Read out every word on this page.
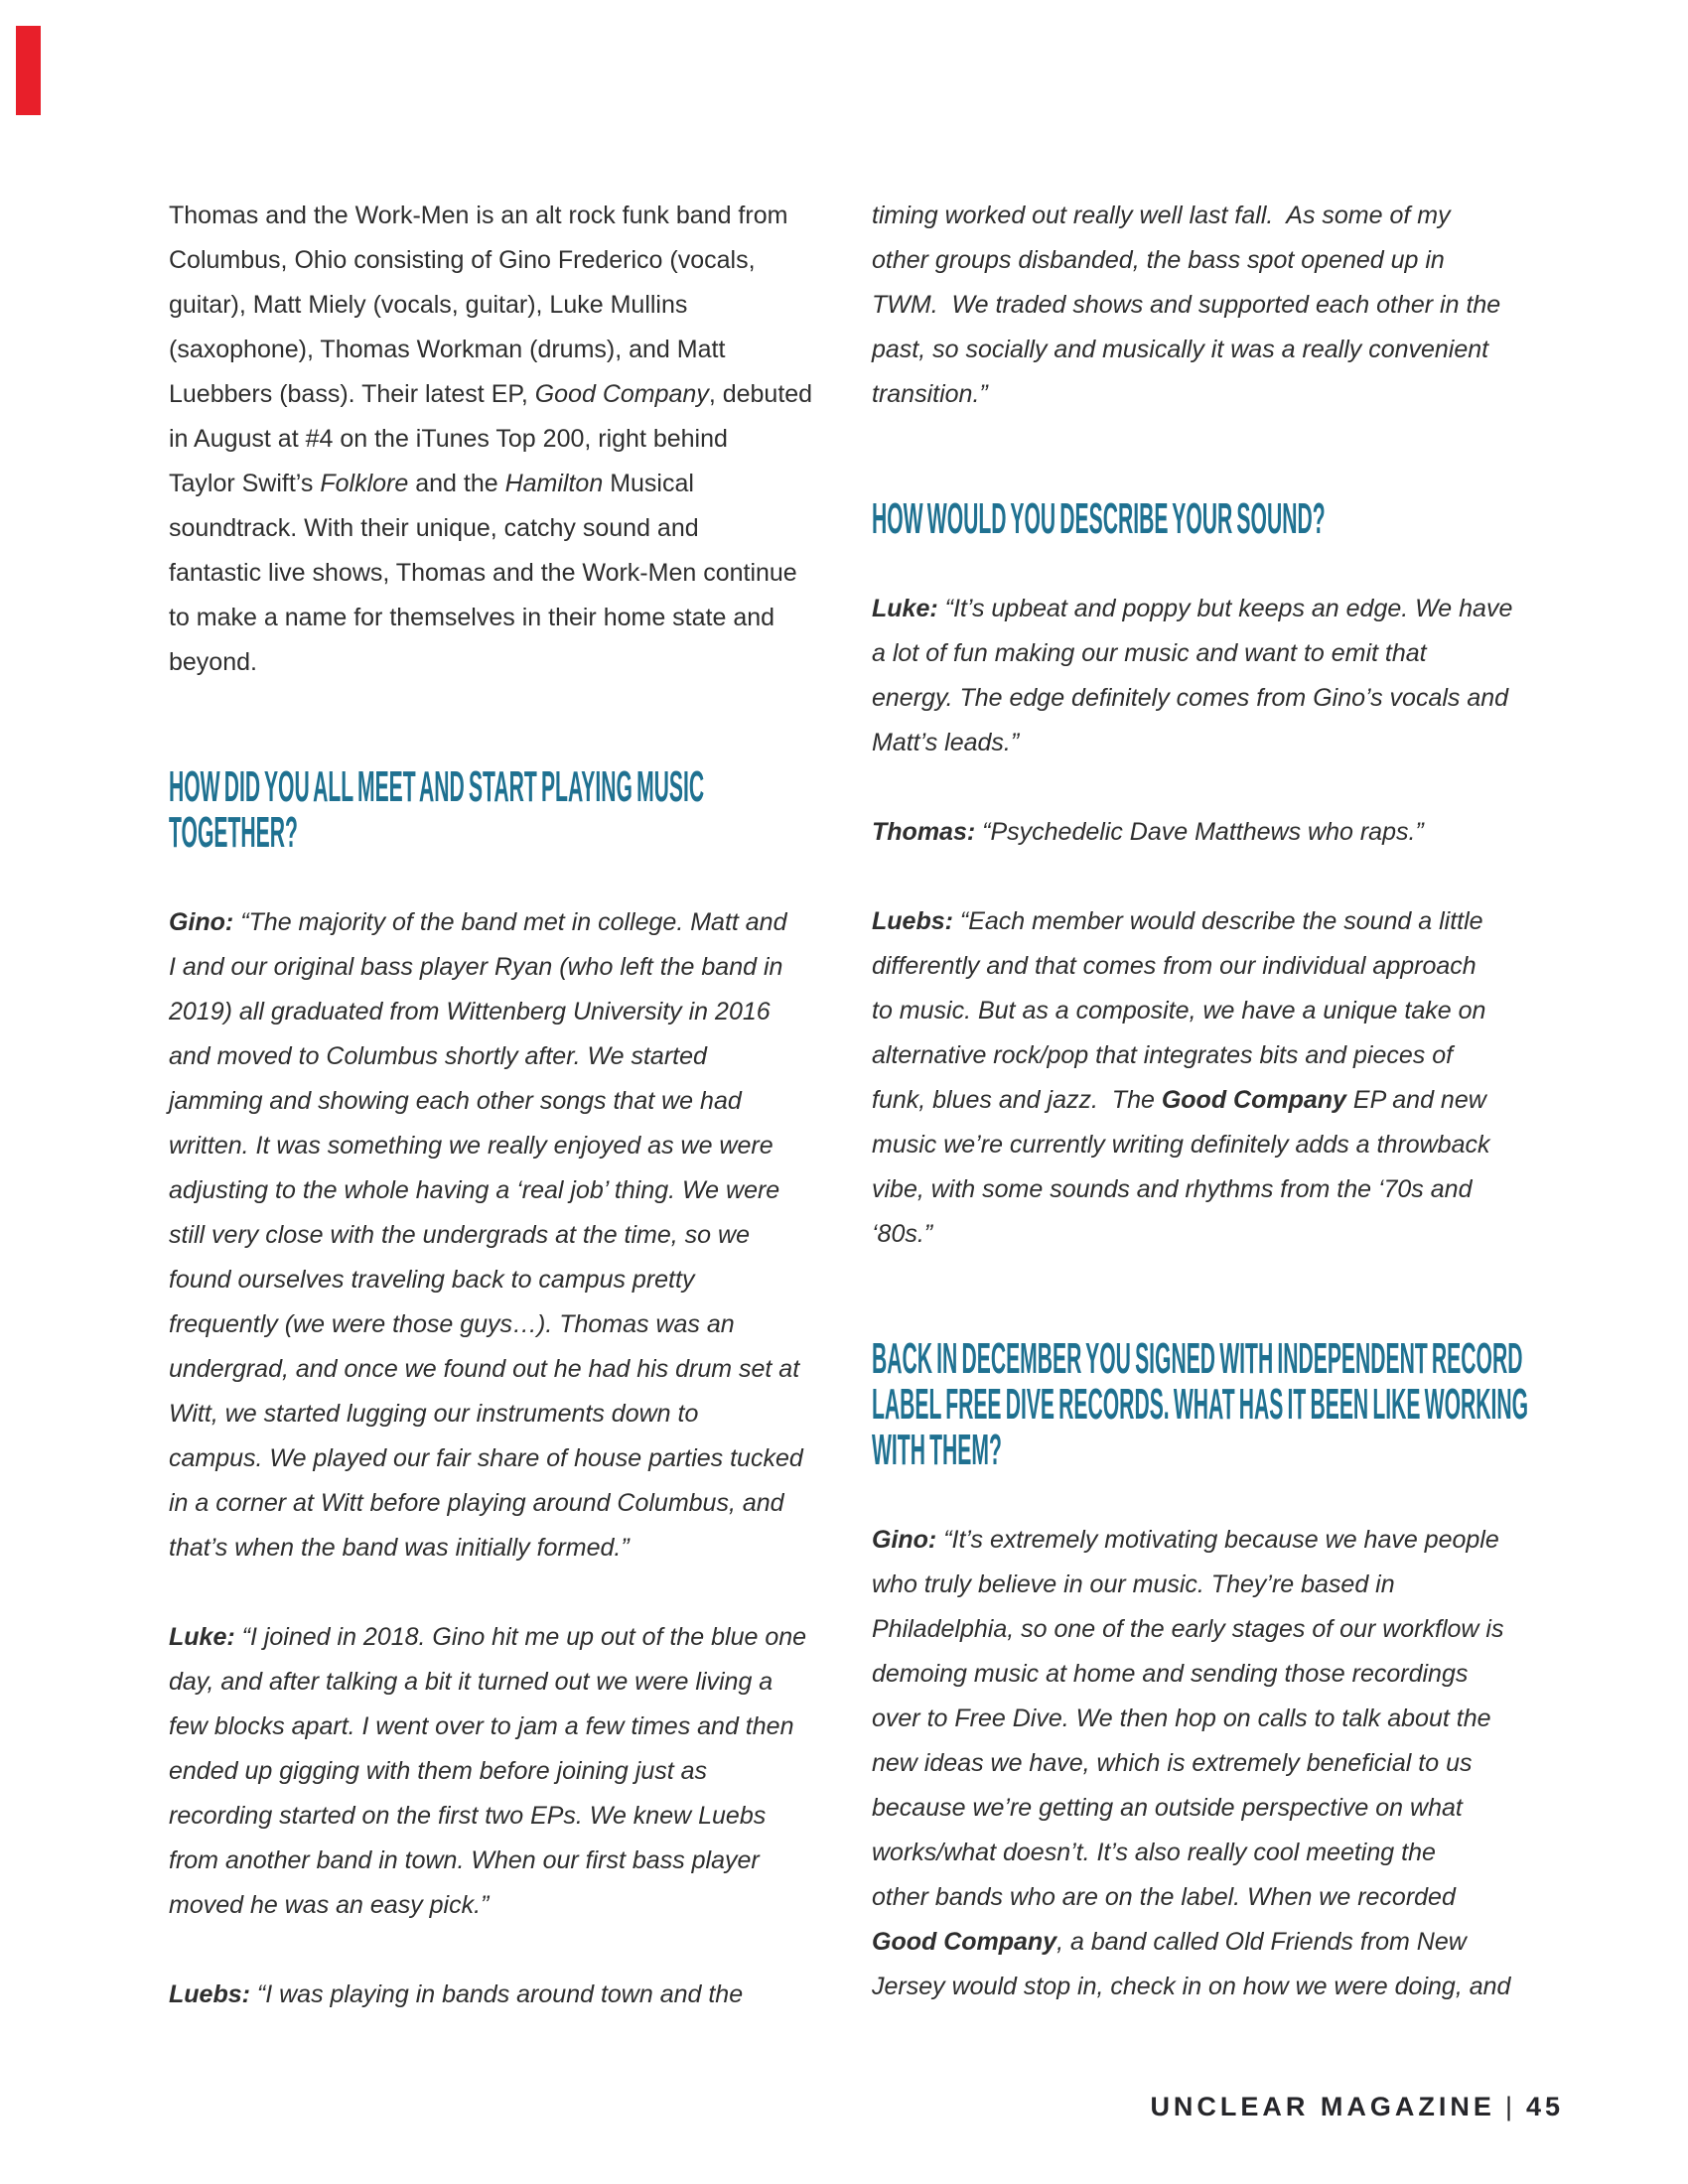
Thomas and the Work-Men is an alt rock funk band from
Columbus, Ohio consisting of Gino Frederico (vocals,
guitar), Matt Miely (vocals, guitar), Luke Mullins
(saxophone), Thomas Workman (drums), and Matt
Luebbers (bass). Their latest EP, Good Company, debuted
in August at #4 on the iTunes Top 200, right behind
Taylor Swift’s Folklore and the Hamilton Musical
soundtrack. With their unique, catchy sound and
fantastic live shows, Thomas and the Work-Men continue
to make a name for themselves in their home state and
beyond.
HOW DID YOU ALL MEET AND START PLAYING MUSIC
TOGETHER?
Gino: “The majority of the band met in college. Matt and
I and our original bass player Ryan (who left the band in
2019) all graduated from Wittenberg University in 2016
and moved to Columbus shortly after. We started
jamming and showing each other songs that we had
written. It was something we really enjoyed as we were
adjusting to the whole having a ‘real job’ thing. We were
still very close with the undergrads at the time, so we
found ourselves traveling back to campus pretty
frequently (we were those guys…). Thomas was an
undergrad, and once we found out he had his drum set at
Witt, we started lugging our instruments down to
campus. We played our fair share of house parties tucked
in a corner at Witt before playing around Columbus, and
that’s when the band was initially formed.”
Luke: “I joined in 2018. Gino hit me up out of the blue one
day, and after talking a bit it turned out we were living a
few blocks apart. I went over to jam a few times and then
ended up gigging with them before joining just as
recording started on the first two EPs. We knew Luebs
from another band in town. When our first bass player
moved he was an easy pick.”
Luebs: “I was playing in bands around town and the
timing worked out really well last fall.  As some of my
other groups disbanded, the bass spot opened up in
TWM.  We traded shows and supported each other in the
past, so socially and musically it was a really convenient
transition.”
HOW WOULD YOU DESCRIBE YOUR SOUND?
Luke: “It’s upbeat and poppy but keeps an edge. We have
a lot of fun making our music and want to emit that
energy. The edge definitely comes from Gino’s vocals and
Matt’s leads.”
Thomas: “Psychedelic Dave Matthews who raps.”
Luebs: “Each member would describe the sound a little
differently and that comes from our individual approach
to music. But as a composite, we have a unique take on
alternative rock/pop that integrates bits and pieces of
funk, blues and jazz.  The Good Company EP and new
music we’re currently writing definitely adds a throwback
vibe, with some sounds and rhythms from the ‘70s and
‘80s.”
BACK IN DECEMBER YOU SIGNED WITH INDEPENDENT RECORD
LABEL FREE DIVE RECORDS. WHAT HAS IT BEEN LIKE WORKING
WITH THEM?
Gino: “It’s extremely motivating because we have people
who truly believe in our music. They’re based in
Philadelphia, so one of the early stages of our workflow is
demoing music at home and sending those recordings
over to Free Dive. We then hop on calls to talk about the
new ideas we have, which is extremely beneficial to us
because we’re getting an outside perspective on what
works/what doesn’t. It’s also really cool meeting the
other bands who are on the label. When we recorded
Good Company, a band called Old Friends from New
Jersey would stop in, check in on how we were doing, and

UNCLEAR MAGAZINE | 45
